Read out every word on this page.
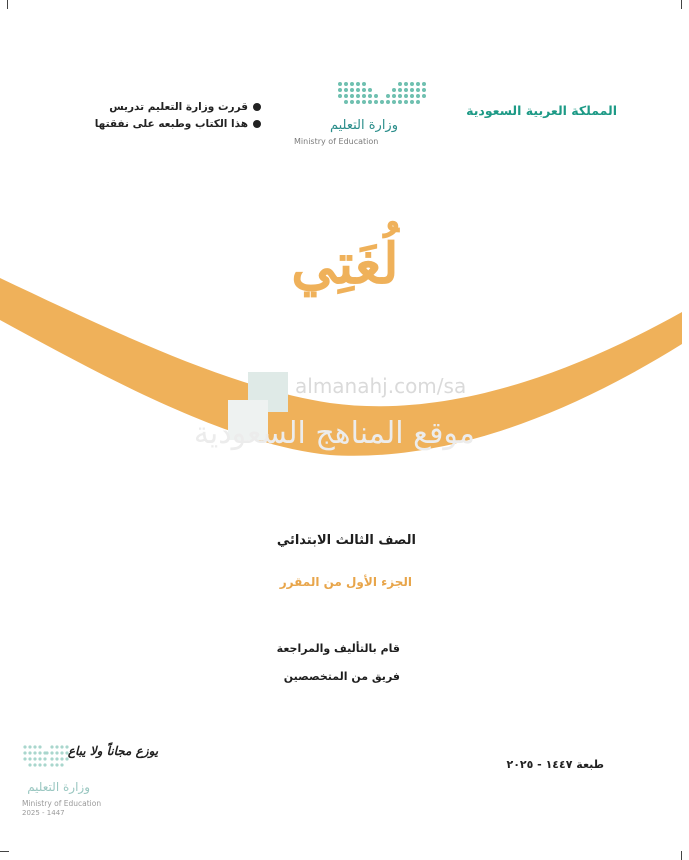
almanahj.com/sa
موقع المناهج السعودية
المملكة العربية السعودية
وزارة التعليم
Ministry of Education
قررت وزارة التعليم تدريس
هذا الكتاب وطبعه على نفقتها
لُغَتِي
الصف الثالث الابتدائي
الجزء الأول من المقرر
قام بالتأليف والمراجعة
فريق من المتخصصين
يوزع مجاناً ولا يباع
وزارة التعليم
Ministry of Education
2025 - 1447
طبعة ١٤٤٧ - ٢٠٢٥
